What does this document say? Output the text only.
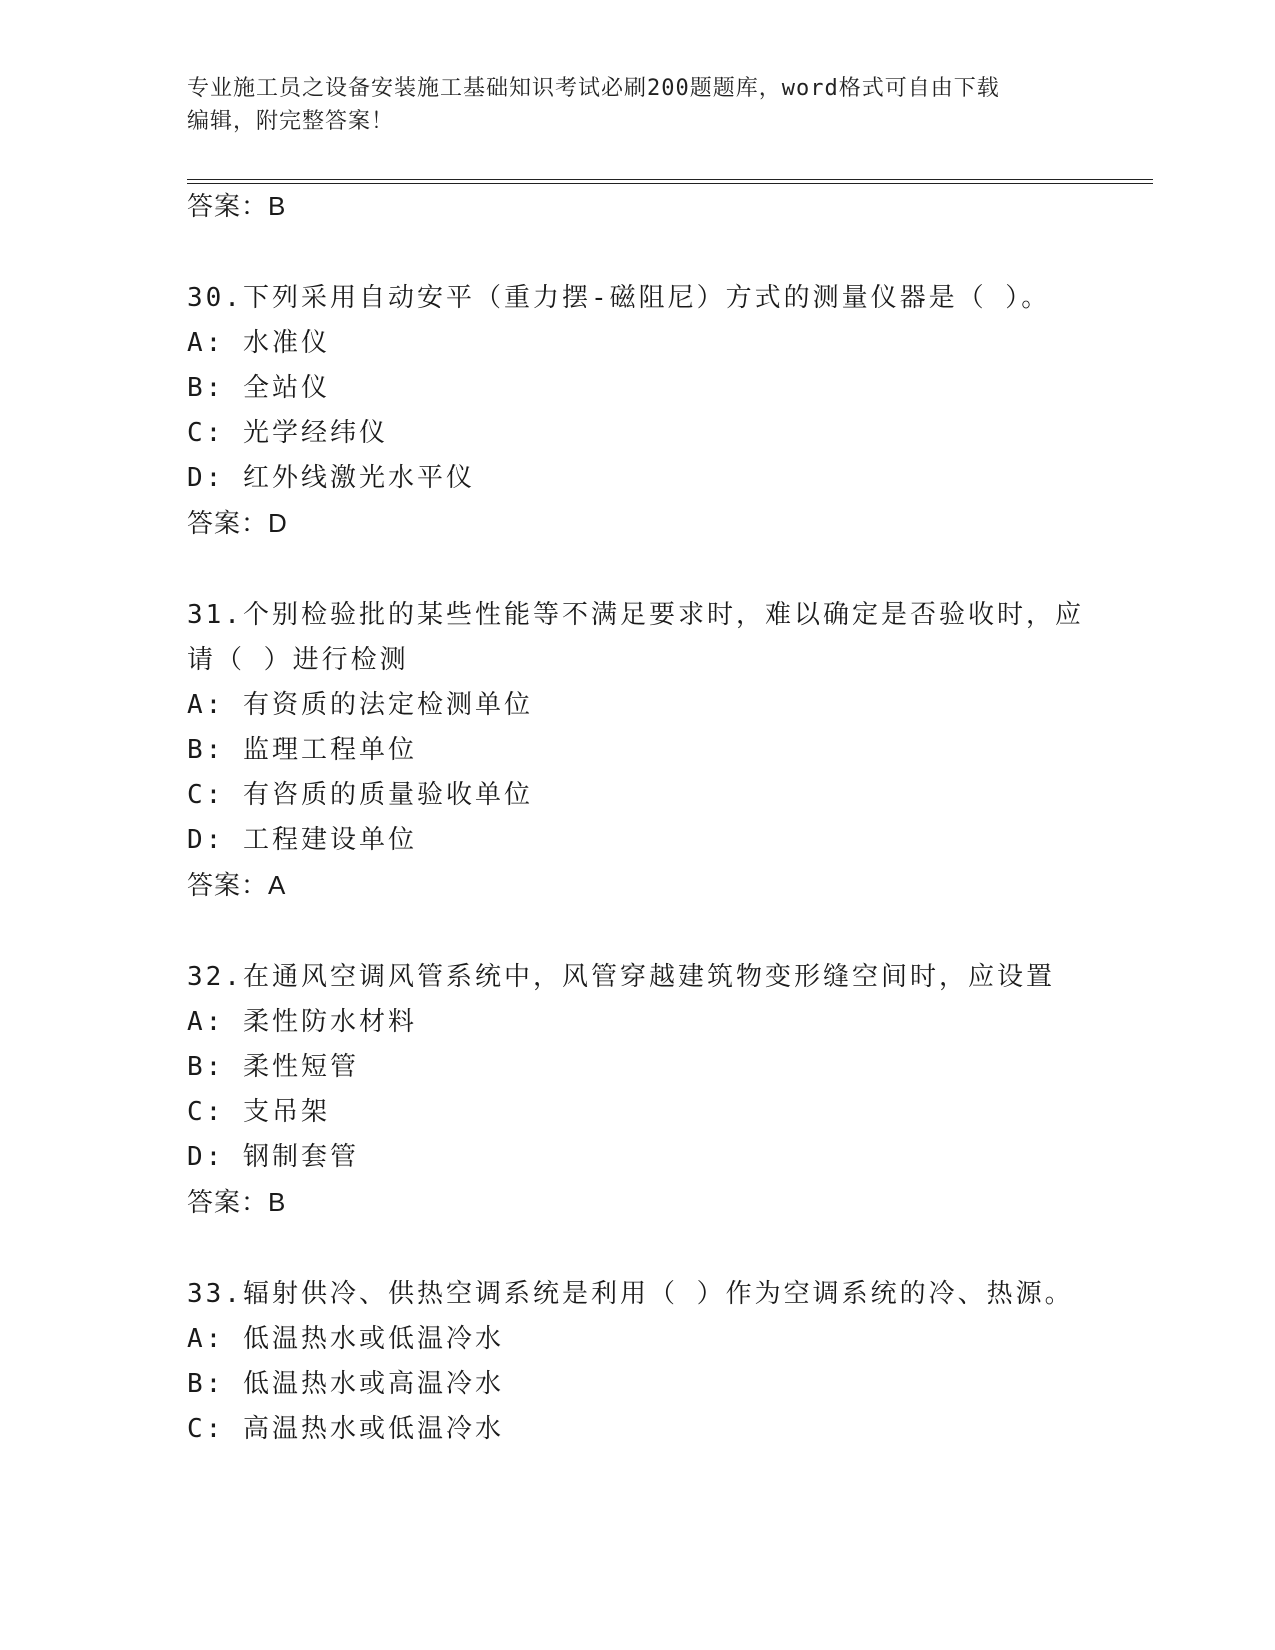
专业施工员之设备安装施工基础知识考试必刷200题题库，word格式可自由下载
编辑，附完整答案！
答案：B
30.下列采用自动安平（重力摆-磁阻尼）方式的测量仪器是（ ）。
A: 水准仪
B: 全站仪
C: 光学经纬仪
D: 红外线激光水平仪
答案：D
31.个别检验批的某些性能等不满足要求时，难以确定是否验收时，应
请（ ）进行检测
A: 有资质的法定检测单位
B: 监理工程单位
C: 有咨质的质量验收单位
D: 工程建设单位
答案：A
32.在通风空调风管系统中，风管穿越建筑物变形缝空间时，应设置
A: 柔性防水材料
B: 柔性短管
C: 支吊架
D: 钢制套管
答案：B
33.辐射供冷、供热空调系统是利用（ ）作为空调系统的冷、热源。
A: 低温热水或低温冷水
B: 低温热水或高温冷水
C: 高温热水或低温冷水
